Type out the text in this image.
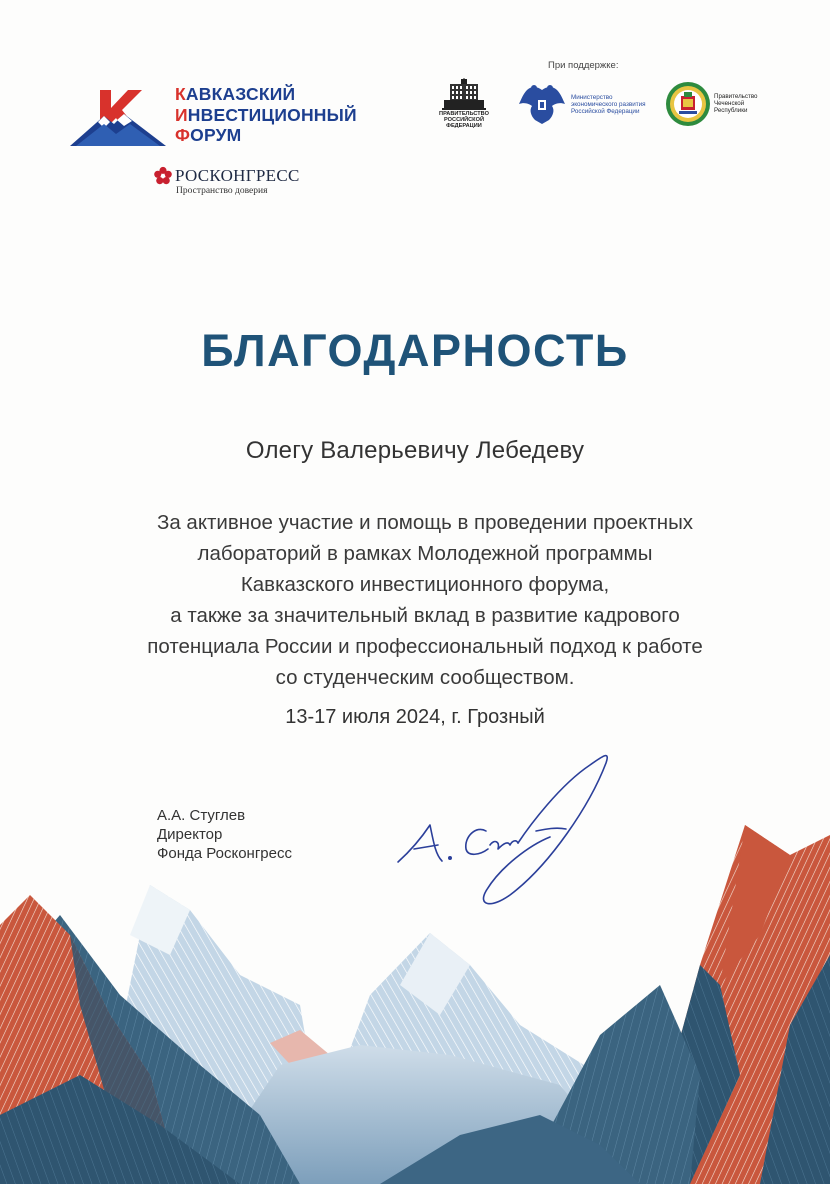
КАВКАЗСКИЙ
ИНВЕСТИЦИОННЫЙ
ФОРУМ
РОСКОНГРЕСС
Пространство доверия
При поддержке:
ПРАВИТЕЛЬСТВО
РОССИЙСКОЙ
ФЕДЕРАЦИИ
Министерство
экономического развития
Российской Федерации
Правительство
Чеченской
Республики
БЛАГОДАРНОСТЬ
Олегу Валерьевичу Лебедеву
За активное участие и помощь в проведении проектных
лабораторий в рамках Молодежной программы
Кавказского инвестиционного форума,
а также за значительный вклад в развитие кадрового
потенциала России и профессиональный подход к работе
со студенческим сообществом.
13-17 июля 2024, г. Грозный
А.А. Стуглев
Директор
Фонда Росконгресс
